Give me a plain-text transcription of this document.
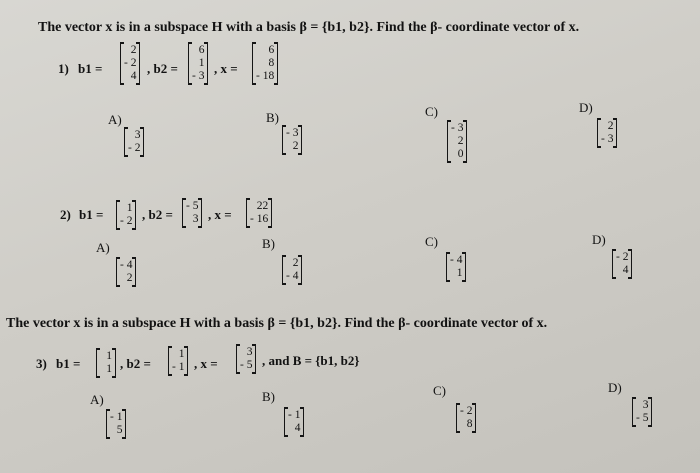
The vector x is in a subspace H with a basis β = {b1, b2}. Find the β- coordinate vector of x.
1) b1 =
2
- 2
4 , b2 =
6
1
- 3 , x =
6
8
- 18
A)
3
- 2
B)
- 3
2
C)
- 3
2
0
D)
2
- 3
2) b1 =	1
- 2 , b2 =
- 5
3 , x =
22
- 16
A)
- 4
2
B)
2
- 4
C)
- 4
1
D)
- 2
4
The vector x is in a subspace H with a basis β = {b1, b2}. Find the β- coordinate vector of x.
3) b1 =	1
1 , b2 =
1
- 1 , x =
3
- 5 , and B = {b1, b2}
A)
- 1
5
B)
- 1
4
C)
- 2
8
D)
3
- 5
